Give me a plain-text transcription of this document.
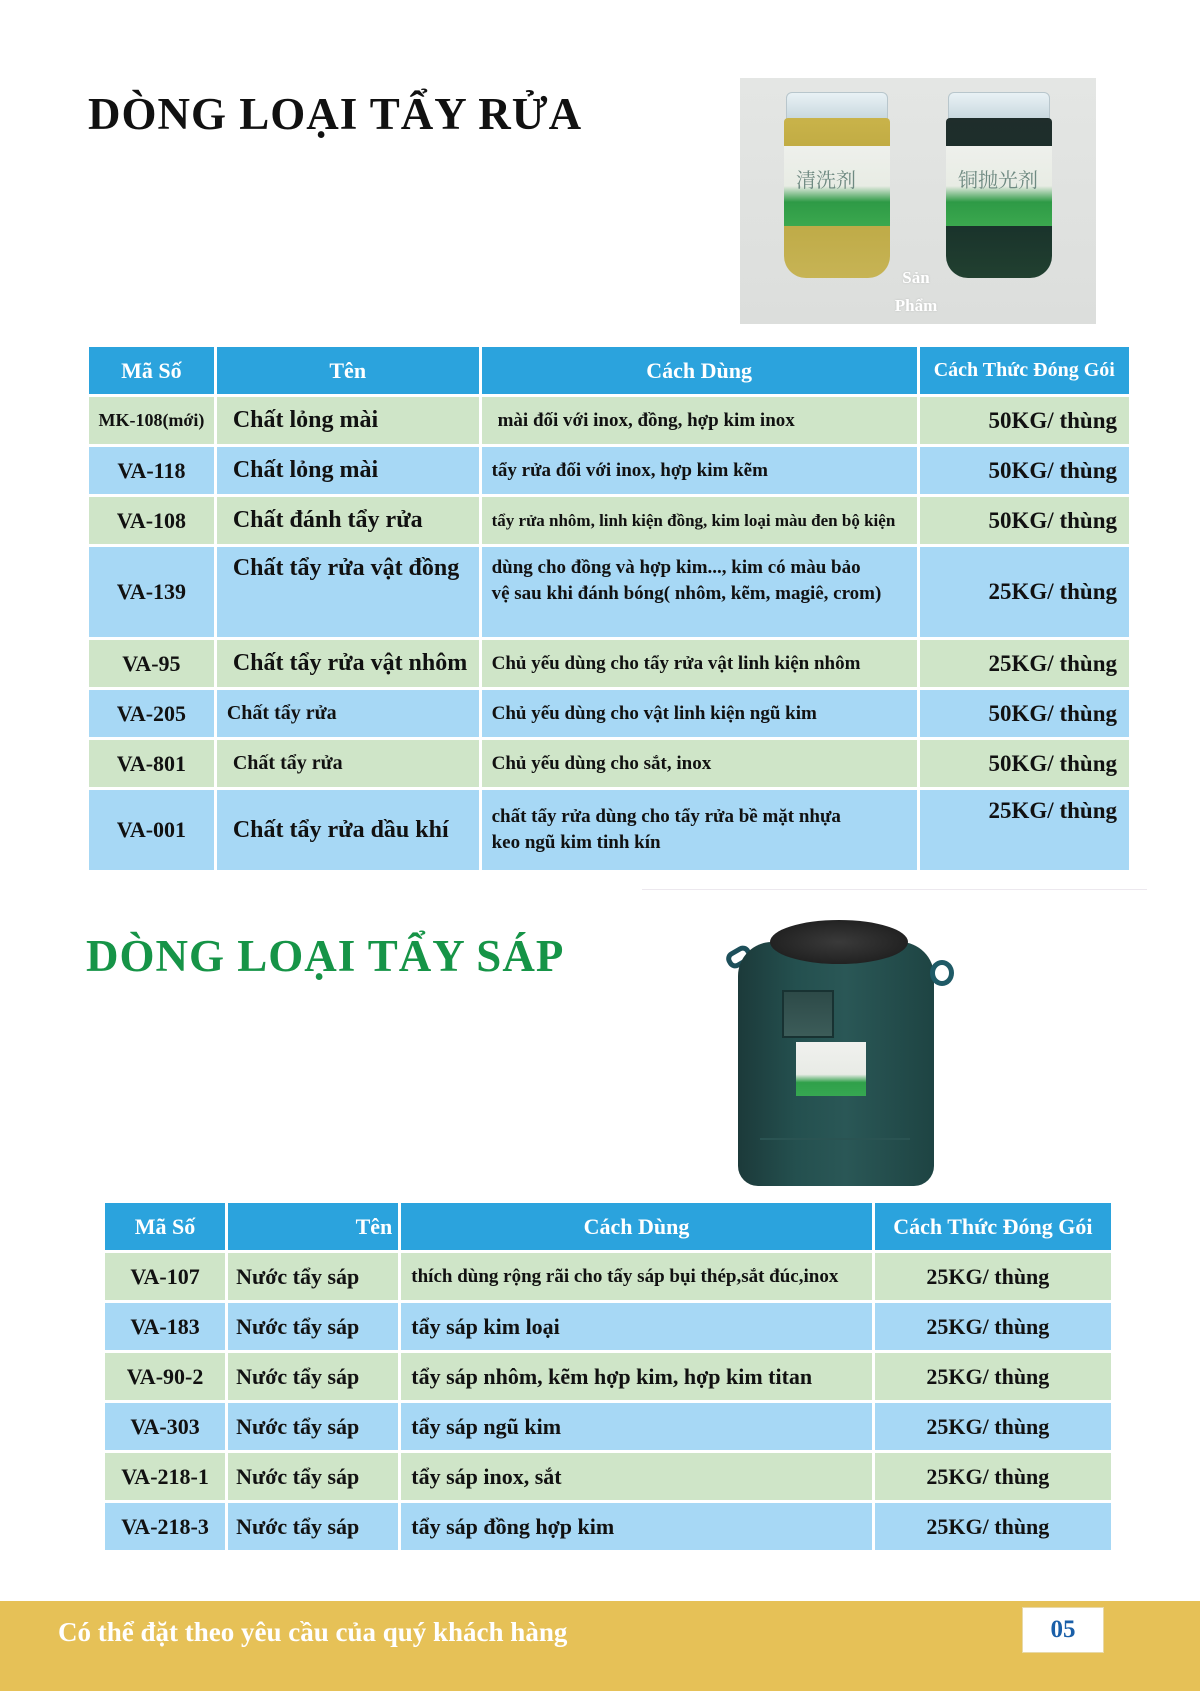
DÒNG LOẠI TẨY RỬA
清洗剂	铜抛光剂
Sản
Phẩm
Mã Số	Tên	Cách Dùng	Cách Thức Đóng Gói
MK-108(mới)	Chất lỏng mài	mài đối với inox, đồng, hợp kim inox	50KG/ thùng
VA-118	Chất lỏng mài	tẩy rửa đối với inox, hợp kim kẽm	50KG/ thùng
VA-108	Chất đánh tẩy rửa	tẩy rửa nhôm, linh kiện đồng, kim loại màu đen bộ kiện	50KG/ thùng
VA-139	Chất tẩy rửa vật đồng	dùng cho đồng và hợp kim..., kim có màu bảo
vệ sau khi đánh bóng( nhôm, kẽm, magiê, crom)	25KG/ thùng
VA-95	Chất tẩy rửa vật nhôm	Chủ yếu dùng cho tẩy rửa vật linh kiện nhôm	25KG/ thùng
VA-205	Chất tẩy rửa	Chủ yếu dùng cho vật linh kiện ngũ kim	50KG/ thùng
VA-801	Chất tẩy rửa	Chủ yếu dùng cho sắt, inox	50KG/ thùng
VA-001	Chất tẩy rửa dầu khí	chất tẩy rửa dùng cho tẩy rửa bề mặt nhựa
keo ngũ kim tinh kín	25KG/ thùng
DÒNG LOẠI TẨY SÁP
Mã Số	Tên	Cách Dùng	Cách Thức Đóng Gói
VA-107	Nước tẩy sáp	thích dùng rộng rãi cho tẩy sáp bụi thép,sắt đúc,inox	25KG/ thùng
VA-183	Nước tẩy sáp	tẩy sáp kim loại	25KG/ thùng
VA-90-2	Nước tẩy sáp	tẩy sáp nhôm, kẽm hợp kim, hợp kim titan	25KG/ thùng
VA-303	Nước tẩy sáp	tẩy sáp ngũ kim	25KG/ thùng
VA-218-1	Nước tẩy sáp	tẩy sáp inox, sắt	25KG/ thùng
VA-218-3	Nước tẩy sáp	tẩy sáp đồng hợp kim	25KG/ thùng
Có thể đặt theo yêu cầu của quý khách hàng	05
